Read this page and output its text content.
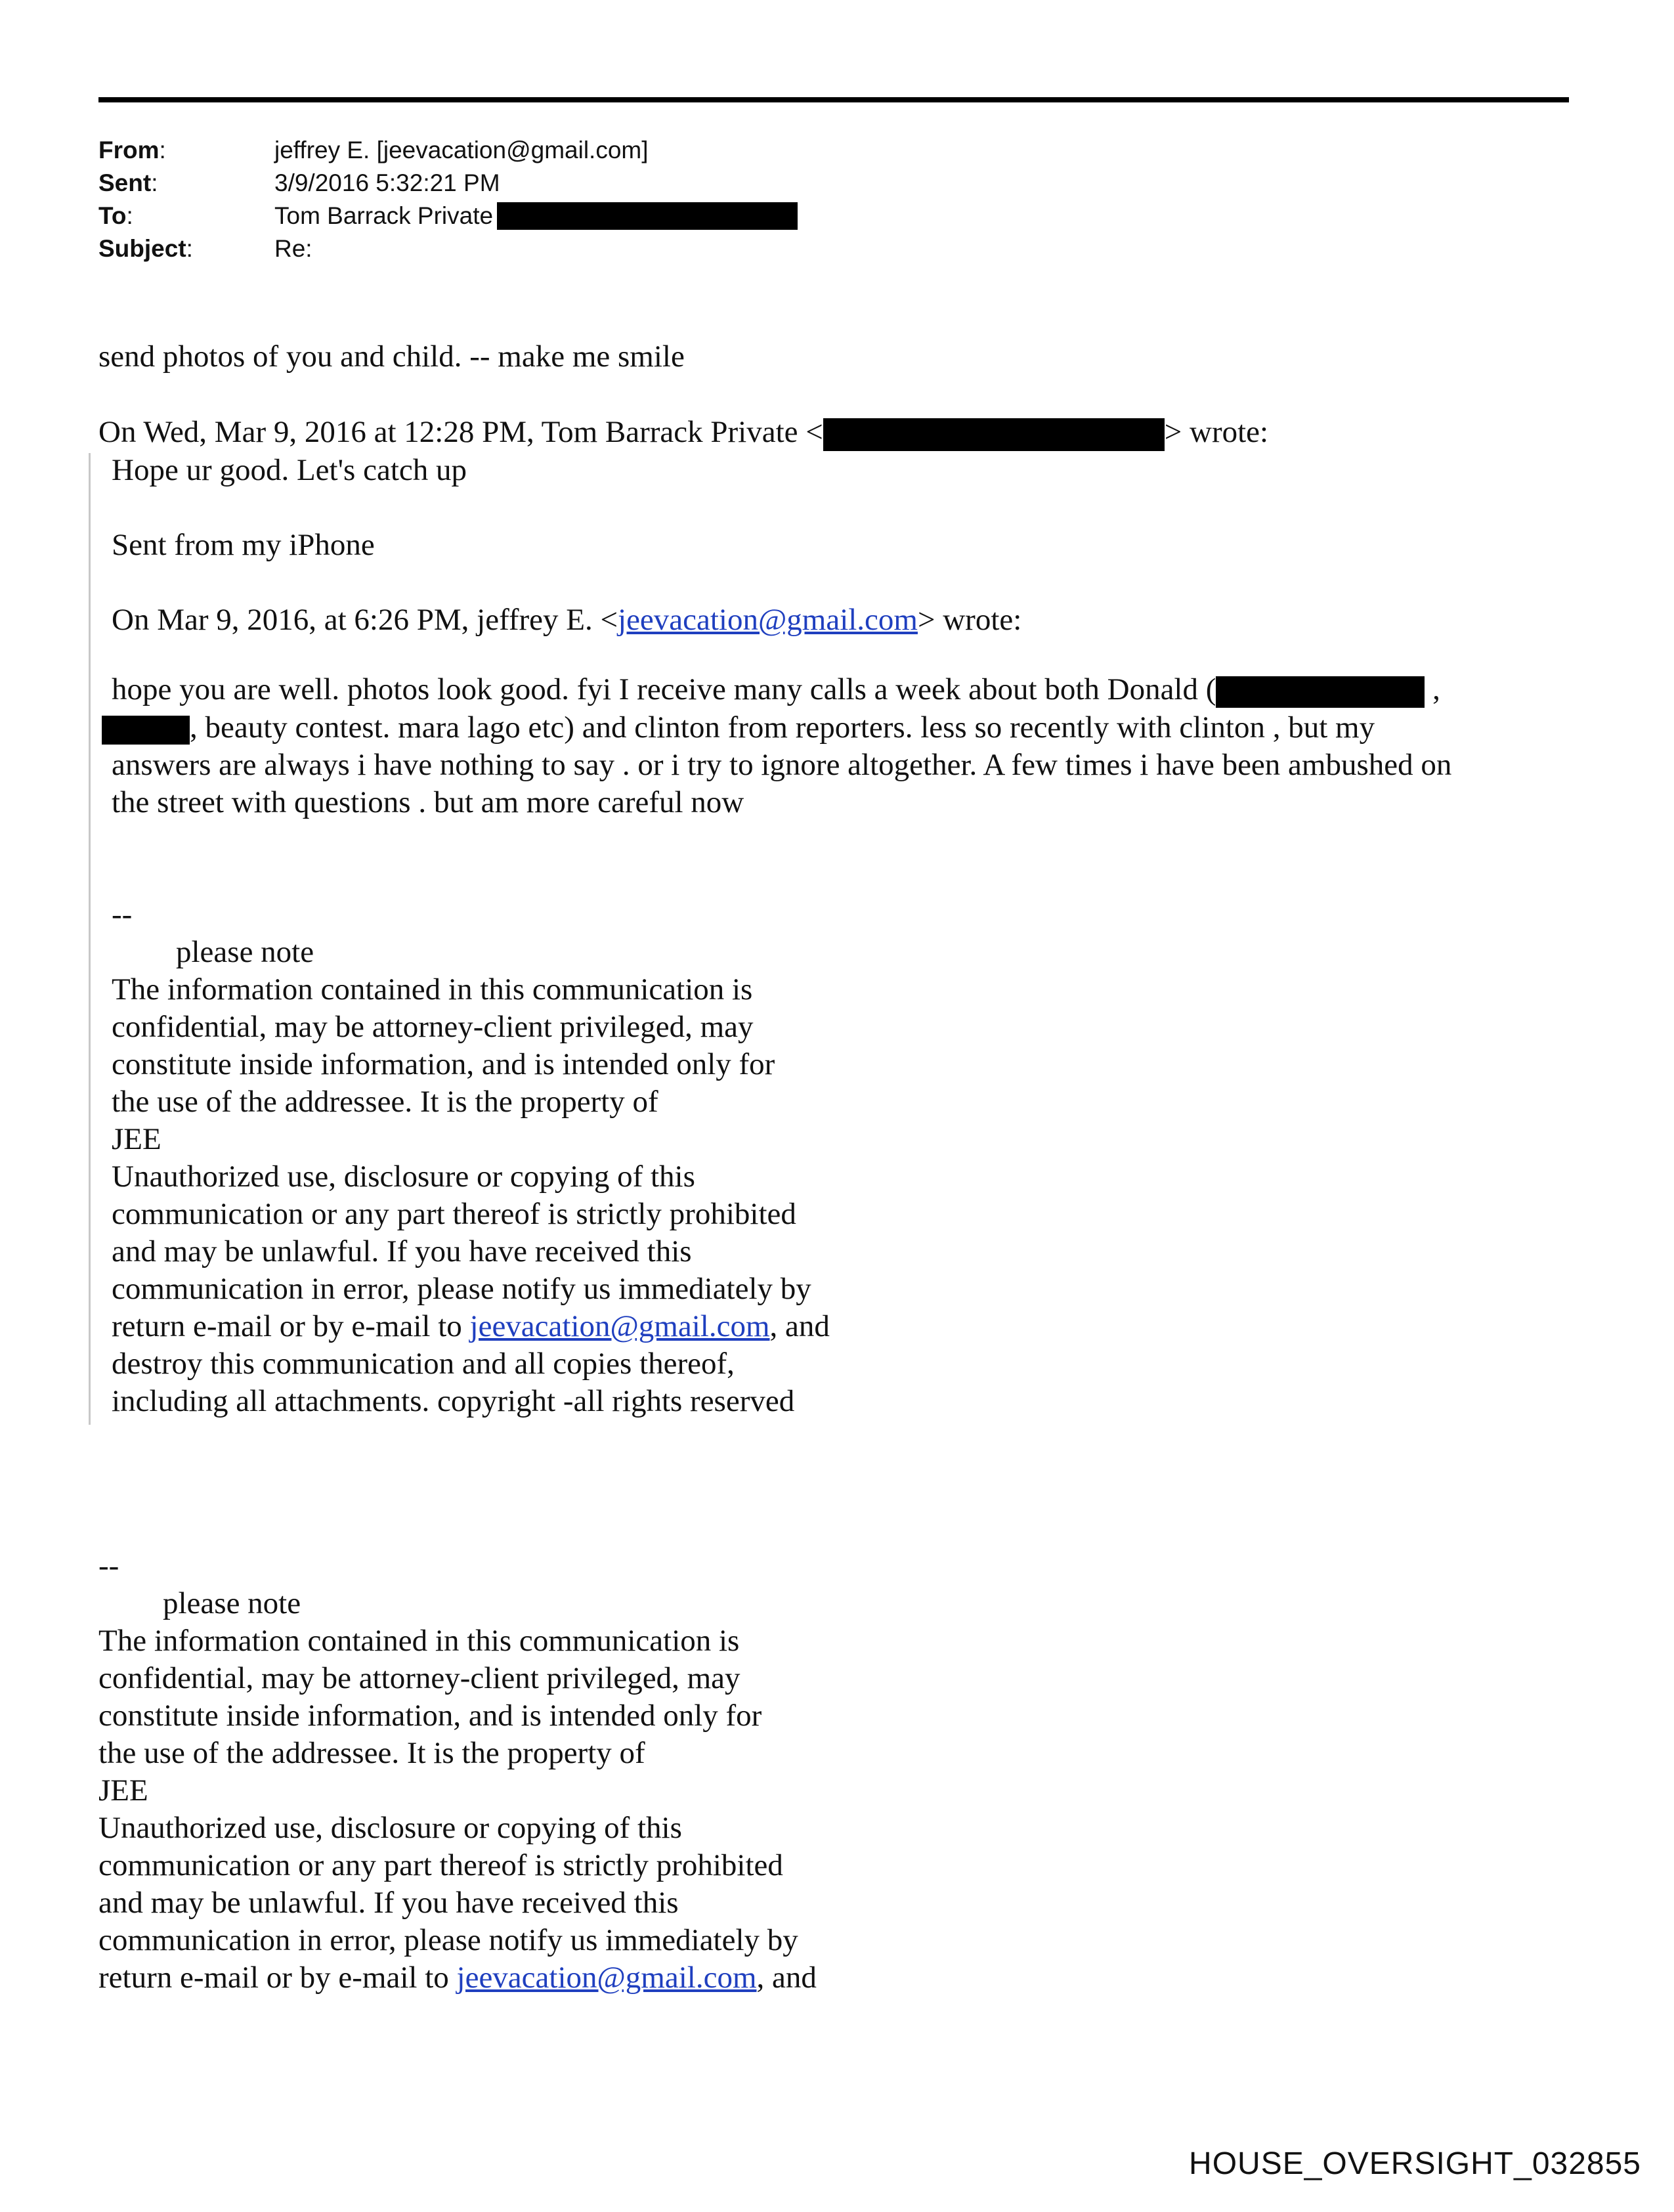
From:	jeffrey E. [jeevacation@gmail.com]
Sent:	3/9/2016 5:32:21 PM
To:	Tom Barrack Private
Subject:	Re:
send photos of you and child. -- make me smile
On Wed, Mar 9, 2016 at 12:28 PM, Tom Barrack Private <	> wrote:
Hope ur good. Let's catch up
Sent from my iPhone
On Mar 9, 2016, at 6:26 PM, jeffrey E. <jeevacation@gmail.com> wrote:
hope you are well. photos look good. fyi I receive many calls a week about both Donald (	,
, beauty contest. mara lago etc) and clinton from reporters. less so recently with clinton , but my
answers are always i have nothing to say . or i try to ignore altogether. A few times i have been ambushed on
the street with questions . but am more careful now
--
please note
The information contained in this communication is
confidential, may be attorney-client privileged, may
constitute inside information, and is intended only for
the use of the addressee. It is the property of
JEE
Unauthorized use, disclosure or copying of this
communication or any part thereof is strictly prohibited
and may be unlawful. If you have received this
communication in error, please notify us immediately by
return e-mail or by e-mail to jeevacation@gmail.com, and
destroy this communication and all copies thereof,
including all attachments. copyright -all rights reserved
--
please note
The information contained in this communication is
confidential, may be attorney-client privileged, may
constitute inside information, and is intended only for
the use of the addressee. It is the property of
JEE
Unauthorized use, disclosure or copying of this
communication or any part thereof is strictly prohibited
and may be unlawful. If you have received this
communication in error, please notify us immediately by
return e-mail or by e-mail to jeevacation@gmail.com, and
HOUSE_OVERSIGHT_032855
